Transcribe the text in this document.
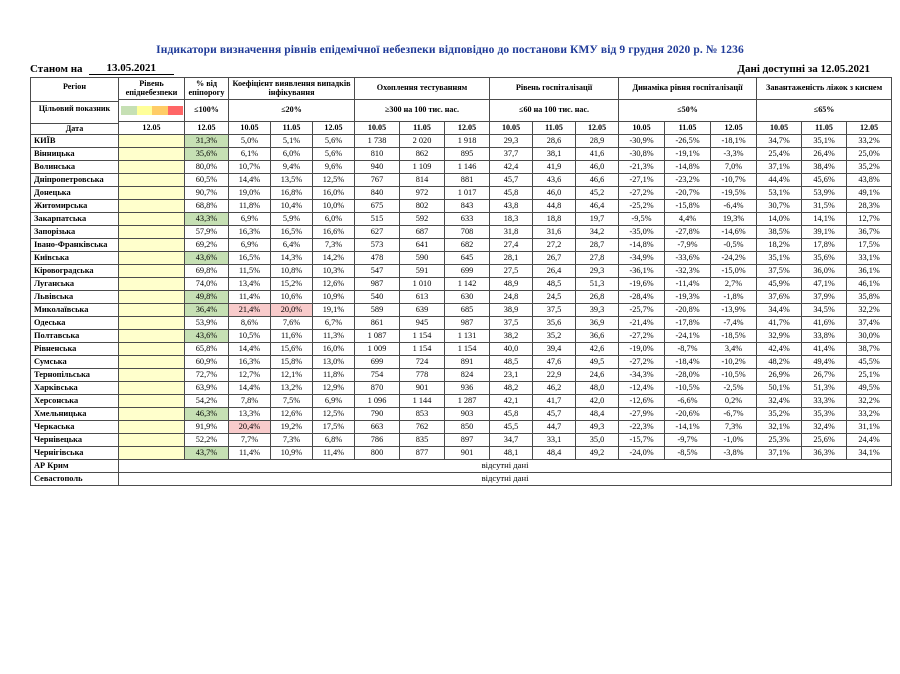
Індикатори визначення рівнів епідемічної небезпеки відповідно до постанови КМУ від 9 грудня 2020 р. № 1236
Станом на	13.05.2021	Дані доступні за 12.05.2021
Регіон
Цільовий показник
Дата	Рівень епіднебезпеки	% від епіпорогу	Коефіцієнт виявлення випадків інфікування			Охоплення тестуванням			Рівень госпіталізації			Динаміка рівня госпіталізації			Завантаженість ліжок з киснем		

		≤100%	≤20%			≥300 на 100 тис. нас.			≤60 на 100 тис. нас.			≤50%			≤65%		
	12.05	12.05	10.05	11.05	12.05	10.05	11.05	12.05	10.05	11.05	12.05	10.05	11.05	12.05	10.05	11.05	12.05
КИЇВ		31,3%	5,0%	5,1%	5,6%	1 738	2 020	1 918	29,3	28,6	28,9	-30,9%	-26,5%	-18,1%	34,7%	35,1%	33,2%
Вінницька		35,6%	6,1%	6,0%	5,6%	810	862	895	37,7	38,1	41,6	-30,8%	-19,1%	-3,3%	25,4%	26,4%	25,0%
Волинська		80,0%	10,7%	9,4%	9,6%	940	1 109	1 146	42,4	41,9	46,0	-21,3%	-14,8%	7,0%	37,1%	38,4%	35,2%
Дніпропетровська		60,5%	14,4%	13,5%	12,5%	767	814	881	45,7	43,6	46,6	-27,1%	-23,2%	-10,7%	44,4%	45,6%	43,8%
Донецька		90,7%	19,0%	16,8%	16,0%	840	972	1 017	45,8	46,0	45,2	-27,2%	-20,7%	-19,5%	53,1%	53,9%	49,1%
Житомирська		68,8%	11,8%	10,4%	10,0%	675	802	843	43,8	44,8	46,4	-25,2%	-15,8%	-6,4%	30,7%	31,5%	28,3%
Закарпатська		43,3%	6,9%	5,9%	6,0%	515	592	633	18,3	18,8	19,7	-9,5%	4,4%	19,3%	14,0%	14,1%	12,7%
Запорізька		57,9%	16,3%	16,5%	16,6%	627	687	708	31,8	31,6	34,2	-35,0%	-27,8%	-14,6%	38,5%	39,1%	36,7%
Івано-Франківська		69,2%	6,9%	6,4%	7,3%	573	641	682	27,4	27,2	28,7	-14,8%	-7,9%	-0,5%	18,2%	17,8%	17,5%
Київська		43,6%	16,5%	14,3%	14,2%	478	590	645	28,1	26,7	27,8	-34,9%	-33,6%	-24,2%	35,1%	35,6%	33,1%
Кіровоградська		69,8%	11,5%	10,8%	10,3%	547	591	699	27,5	26,4	29,3	-36,1%	-32,3%	-15,0%	37,5%	36,0%	36,1%
Луганська		74,0%	13,4%	15,2%	12,6%	987	1 010	1 142	48,9	48,5	51,3	-19,6%	-11,4%	2,7%	45,9%	47,1%	46,1%
Львівська		49,8%	11,4%	10,6%	10,9%	540	613	630	24,8	24,5	26,8	-28,4%	-19,3%	-1,8%	37,6%	37,9%	35,8%
Миколаївська		36,4%	21,4%	20,0%	19,1%	589	639	685	38,9	37,5	39,3	-25,7%	-20,8%	-13,9%	34,4%	34,5%	32,2%
Одеська		53,9%	8,6%	7,6%	6,7%	861	945	987	37,5	35,6	36,9	-21,4%	-17,8%	-7,4%	41,7%	41,6%	37,4%
Полтавська		43,6%	10,5%	11,6%	11,3%	1 087	1 154	1 131	38,2	35,2	36,6	-27,2%	-24,1%	-18,5%	32,9%	33,8%	30,0%
Рівненська		65,8%	14,4%	15,6%	16,0%	1 009	1 154	1 154	40,0	39,4	42,6	-19,0%	-8,7%	3,4%	42,4%	41,4%	38,7%
Сумська		60,9%	16,3%	15,8%	13,0%	699	724	891	48,5	47,6	49,5	-27,2%	-18,4%	-10,2%	48,2%	49,4%	45,5%
Тернопільська		72,7%	12,7%	12,1%	11,8%	754	778	824	23,1	22,9	24,6	-34,3%	-28,0%	-10,5%	26,9%	26,7%	25,1%
Харківська		63,9%	14,4%	13,2%	12,9%	870	901	936	48,2	46,2	48,0	-12,4%	-10,5%	-2,5%	50,1%	51,3%	49,5%
Херсонська		54,2%	7,8%	7,5%	6,9%	1 096	1 144	1 287	42,1	41,7	42,0	-12,6%	-6,6%	0,2%	32,4%	33,3%	32,2%
Хмельницька		46,3%	13,3%	12,6%	12,5%	790	853	903	45,8	45,7	48,4	-27,9%	-20,6%	-6,7%	35,2%	35,3%	33,2%
Черкаська		91,9%	20,4%	19,2%	17,5%	663	762	850	45,5	44,7	49,3	-22,3%	-14,1%	7,3%	32,1%	32,4%	31,1%
Чернівецька		52,2%	7,7%	7,3%	6,8%	786	835	897	34,7	33,1	35,0	-15,7%	-9,7%	-1,0%	25,3%	25,6%	24,4%
Чернігівська		43,7%	11,4%	10,9%	11,4%	800	877	901	48,1	48,4	49,2	-24,0%	-8,5%	-3,8%	37,1%	36,3%	34,1%
АР Крим	відсутні дані																
Севастополь	відсутні дані																
